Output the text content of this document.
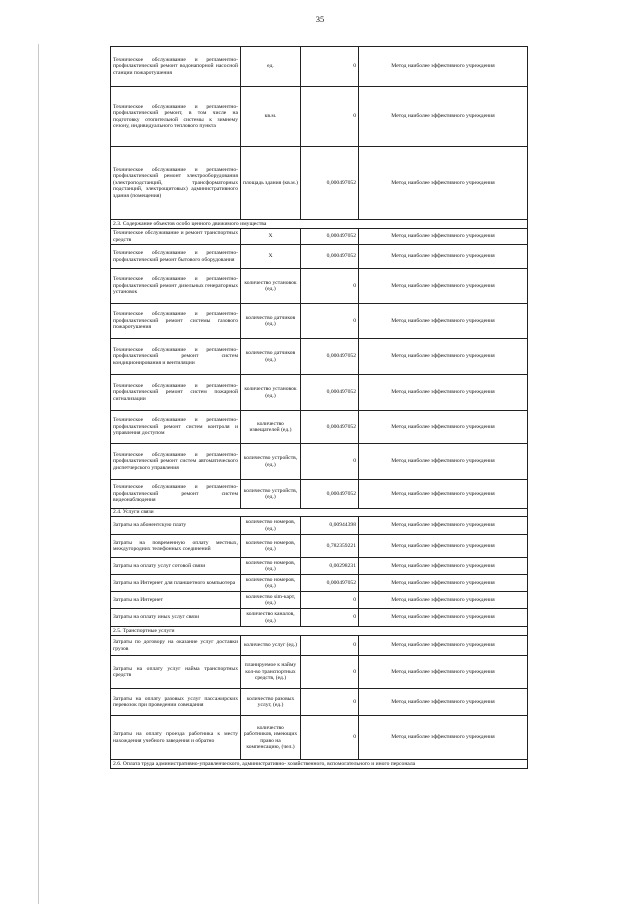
35
Техническое обслуживание и регламентно- профилактический ремонт водонапорной насосной станции пожаротушения	ед.	0	Метод наиболее эффективного учреждения
Техническое обслуживание и регламентно- профилактический ремонт, в том числе на подготовку отопительной системы к зимнему сезону, индивидуального теплового пункта	кв.м.	0	Метод наиболее эффективного учреждения
Техническое обслуживание и регламентно- профилактический ремонт электрооборудования (электроподстанций, трансформаторных подстанций, электрощитовых) административного здания (помещения)	площадь здания (кв.м.)	0,000497052	Метод наиболее эффективного учреждения
2.3. Содержание объектов особо ценного движимого имущества			
Техническое обслуживание и ремонт транспортных средств	Х	0,000497052	Метод наиболее эффективного учреждения
Техническое обслуживание и регламентно- профилактический ремонт бытового оборудования	Х	0,000497052	Метод наиболее эффективного учреждения
Техническое обслуживание и регламентно- профилактический ремонт дизельных генераторных установок	количество установок (ед.)	0	Метод наиболее эффективного учреждения
Техническое обслуживание и регламентно- профилактический ремонт системы газового пожаротушения	количество датчиков (ед.)	0	Метод наиболее эффективного учреждения
Техническое обслуживание и регламентно- профилактический ремонт систем кондиционирования и вентиляции	количество датчиков (ед.)	0,000497052	Метод наиболее эффективного учреждения
Техническое обслуживание и регламентно- профилактический ремонт систем пожарной сигнализации	количество установок (ед.)	0,000497052	Метод наиболее эффективного учреждения
Техническое обслуживание и регламентно- профилактический ремонт систем контроля и управления доступом	количество извещателей (ед.)	0,000497052	Метод наиболее эффективного учреждения
Техническое обслуживание и регламентно- профилактический ремонт систем автоматического диспетчерского управления	количество устройств, (ед.)	0	Метод наиболее эффективного учреждения
Техническое обслуживание и регламентно- профилактический ремонт систем видеонаблюдения	количество устройств, (ед.)	0,000497052	Метод наиболее эффективного учреждения
2.4. Услуги связи			
Затраты на абонентскую плату	количество номеров, (ед.)	0,00944398	Метод наиболее эффективного учреждения
Затраты на повременную оплату местных, междугородних телефонных соединений	количество номеров, (ед.)	0,782359221	Метод наиболее эффективного учреждения
Затраты на оплату услуг сотовой связи	количество номеров, (ед.)	0,00298231	Метод наиболее эффективного учреждения
Затраты на Интернет для планшетного компьютера	количество номеров, (ед.)	0,000497052	Метод наиболее эффективного учреждения
Затраты на Интернет	количество sim-карт, (ед.)	0	Метод наиболее эффективного учреждения
Затраты на оплату иных услуг связи	количество каналов, (ед.)	0	Метод наиболее эффективного учреждения
2.5. Транспортные услуги			
Затраты по договору на оказание услуг доставки грузов	количество услуг (ед.)	0	Метод наиболее эффективного учреждения
Затраты на оплату услуг найма транспортных средств	планируемое к найму кол-во транспортных средств, (ед.)	0	Метод наиболее эффективного учреждения
Затраты на оплату разовых услуг пассажирских перевозок при проведении совещания	количество разовых услуг, (ед.)	0	Метод наиболее эффективного учреждения
Затраты на оплату проезда работника к месту нахождения учебного заведения и обратно	количество работников, имеющих право на компенсацию, (чел.)	0	Метод наиболее эффективного учреждения
2.6. Оплата труда административно-управленческого, административно- хозяйственного, вспомогательного и иного персонала			
